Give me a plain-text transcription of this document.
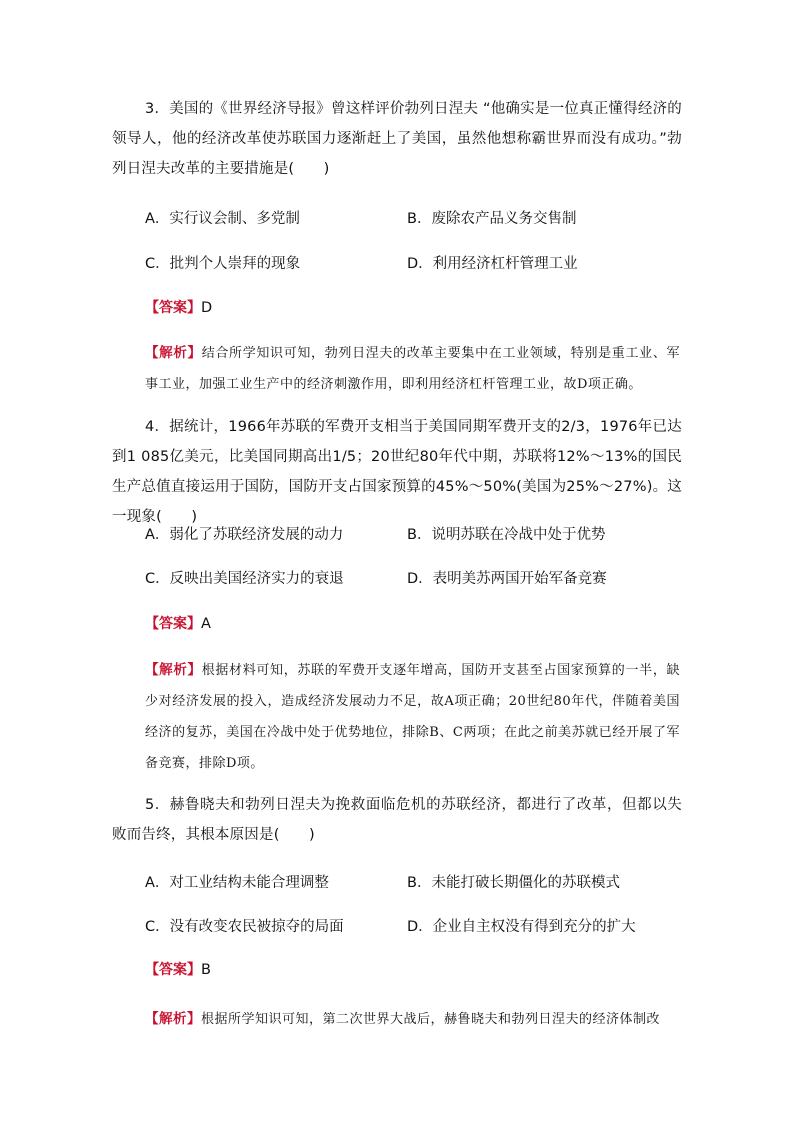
3．美国的《世界经济导报》曾这样评价勃列日涅夫 “他确实是一位真正懂得经济的领导人，他的经济改革使苏联国力逐渐赶上了美国，虽然他想称霸世界而没有成功。”勃列日涅夫改革的主要措施是(　　)
A．实行议会制、多党制	B．废除农产品义务交售制
C．批判个人崇拜的现象	D．利用经济杠杆管理工业
【答案】D
【解析】结合所学知识可知，勃列日涅夫的改革主要集中在工业领域，特别是重工业、军事工业，加强工业生产中的经济刺激作用，即利用经济杠杆管理工业，故D项正确。
4．据统计，1966年苏联的军费开支相当于美国同期军费开支的2/3，1976年已达到1 085亿美元，比美国同期高出1/5；20世纪80年代中期，苏联将12%～13%的国民生产总值直接运用于国防，国防开支占国家预算的45%～50%(美国为25%～27%)。这一现象(　　)
A．弱化了苏联经济发展的动力	B．说明苏联在冷战中处于优势
C．反映出美国经济实力的衰退	D．表明美苏两国开始军备竞赛
【答案】A
【解析】根据材料可知，苏联的军费开支逐年增高，国防开支甚至占国家预算的一半，缺少对经济发展的投入，造成经济发展动力不足，故A项正确；20世纪80年代，伴随着美国经济的复苏，美国在冷战中处于优势地位，排除B、C两项；在此之前美苏就已经开展了军备竞赛，排除D项。
5．赫鲁晓夫和勃列日涅夫为挽救面临危机的苏联经济，都进行了改革，但都以失败而告终，其根本原因是(　　)
A．对工业结构未能合理调整	B．未能打破长期僵化的苏联模式
C．没有改变农民被掠夺的局面	D．企业自主权没有得到充分的扩大
【答案】B
【解析】根据所学知识可知，第二次世界大战后，赫鲁晓夫和勃列日涅夫的经济体制改
